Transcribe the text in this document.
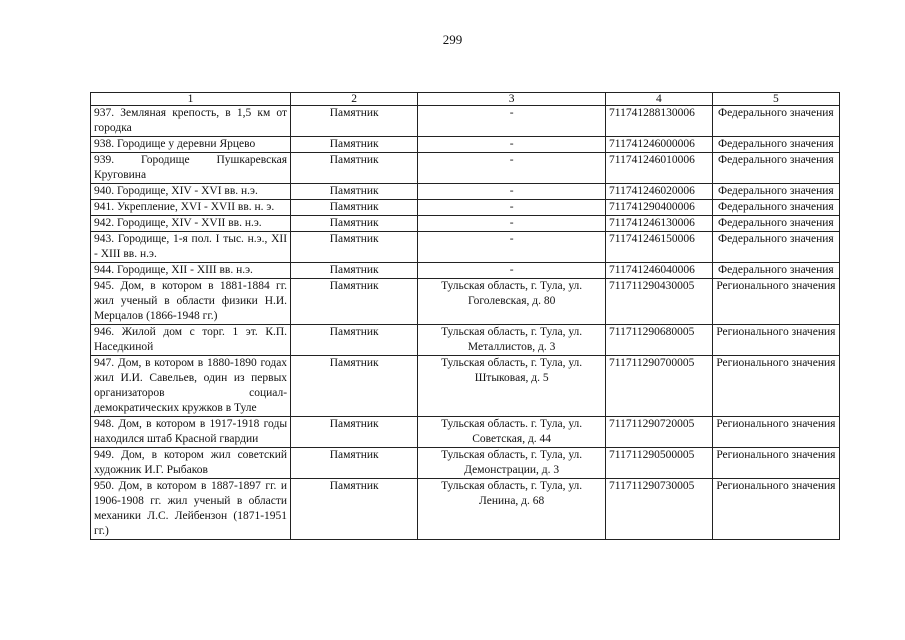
299
1	2	3	4	5
937. Земляная крепость, в 1,5 км от городка	Памятник	-	711741288130006	Федерального значения
938. Городище у деревни Ярцево	Памятник	-	711741246000006	Федерального значения
939. Городище Пушкаревская Круговина	Памятник	-	711741246010006	Федерального значения
940. Городище, XIV - XVI вв. н.э.	Памятник	-	711741246020006	Федерального значения
941. Укрепление, XVI - XVII вв. н. э.	Памятник	-	711741290400006	Федерального значения
942. Городище, XIV - XVII вв. н.э.	Памятник	-	711741246130006	Федерального значения
943. Городище, 1-я пол. I тыс. н.э., XII - XIII вв. н.э.	Памятник	-	711741246150006	Федерального значения
944. Городище, XII - XIII вв. н.э.	Памятник	-	711741246040006	Федерального значения
945. Дом, в котором в 1881-1884 гг. жил ученый в области физики Н.И. Мерцалов (1866-1948 гг.)	Памятник	Тульская область, г. Тула, ул. Гоголевская, д. 80	711711290430005	Регионального значения
946. Жилой дом с торг. 1 эт. К.П. Наседкиной	Памятник	Тульская область, г. Тула, ул. Металлистов, д. 3	711711290680005	Регионального значения
947. Дом, в котором в 1880-1890 годах жил И.И. Савельев, один из первых организаторов социал-демократических кружков в Туле	Памятник	Тульская область, г. Тула, ул. Штыковая, д. 5	711711290700005	Регионального значения
948. Дом, в котором в 1917-1918 годы находился штаб Красной гвардии	Памятник	Тульская область. г. Тула, ул. Советская, д. 44	711711290720005	Регионального значения
949. Дом, в котором жил советский художник И.Г. Рыбаков	Памятник	Тульская область, г. Тула, ул. Демонстрации, д. 3	711711290500005	Регионального значения
950. Дом, в котором в 1887-1897 гг. и 1906-1908 гг. жил ученый в области механики Л.С. Лейбензон (1871-1951 гг.)	Памятник	Тульская область, г. Тула, ул. Ленина, д. 68	711711290730005	Регионального значения
